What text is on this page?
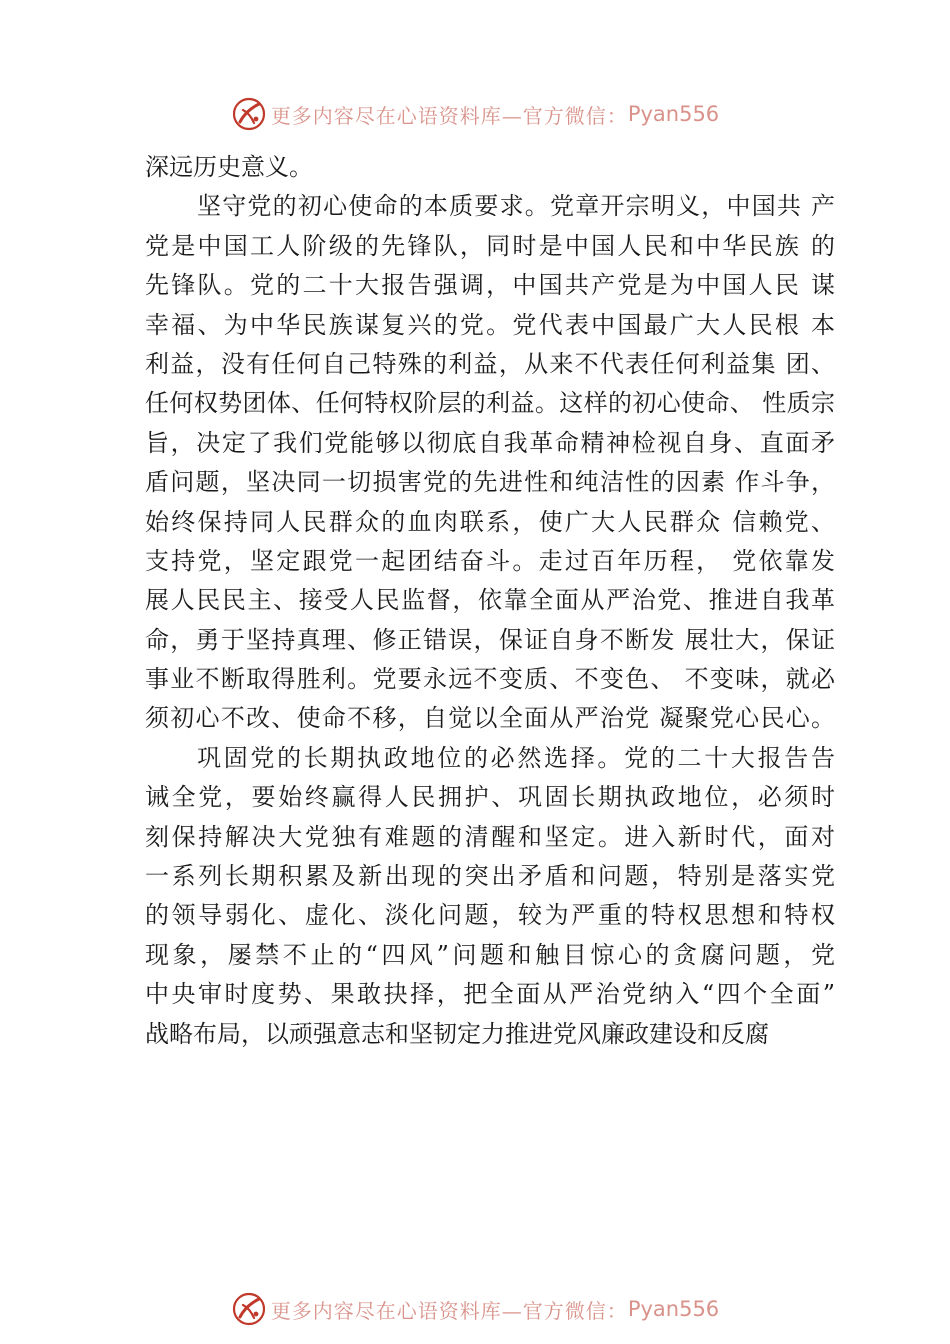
更多内容尽在心语资料库—官方微信： Pyan556
深远历史意义。
坚守党的初心使命的本质要求。党章开宗明义，中国共 产
党是中国工人阶级的先锋队，同时是中国人民和中华民族 的
先锋队。党的二十大报告强调，中国共产党是为中国人民 谋
幸福、为中华民族谋复兴的党。党代表中国最广大人民根 本
利益，没有任何自己特殊的利益，从来不代表任何利益集 团、
任何权势团体、任何特权阶层的利益。这样的初心使命、 性质宗
旨，决定了我们党能够以彻底自我革命精神检视自身、直面矛
盾问题，坚决同一切损害党的先进性和纯洁性的因素 作斗争，
始终保持同人民群众的血肉联系，使广大人民群众 信赖党、
支持党，坚定跟党一起团结奋斗。走过百年历程， 党依靠发
展人民民主、接受人民监督，依靠全面从严治党、推进自我革
命，勇于坚持真理、修正错误，保证自身不断发 展壮大，保证
事业不断取得胜利。党要永远不变质、不变色、 不变味，就必
须初心不改、使命不移，自觉以全面从严治党 凝聚党心民心。
巩固党的长期执政地位的必然选择。党的二十大报告告
诫全党，要始终赢得人民拥护、巩固长期执政地位，必须时
刻保持解决大党独有难题的清醒和坚定。进入新时代，面对
一系列长期积累及新出现的突出矛盾和问题，特别是落实党
的领导弱化、虚化、淡化问题，较为严重的特权思想和特权
现象，屡禁不止的“四风”问题和触目惊心的贪腐问题，党
中央审时度势、果敢抉择，把全面从严治党纳入“四个全面”
战略布局，以顽强意志和坚韧定力推进党风廉政建设和反腐
更多内容尽在心语资料库—官方微信： Pyan556
